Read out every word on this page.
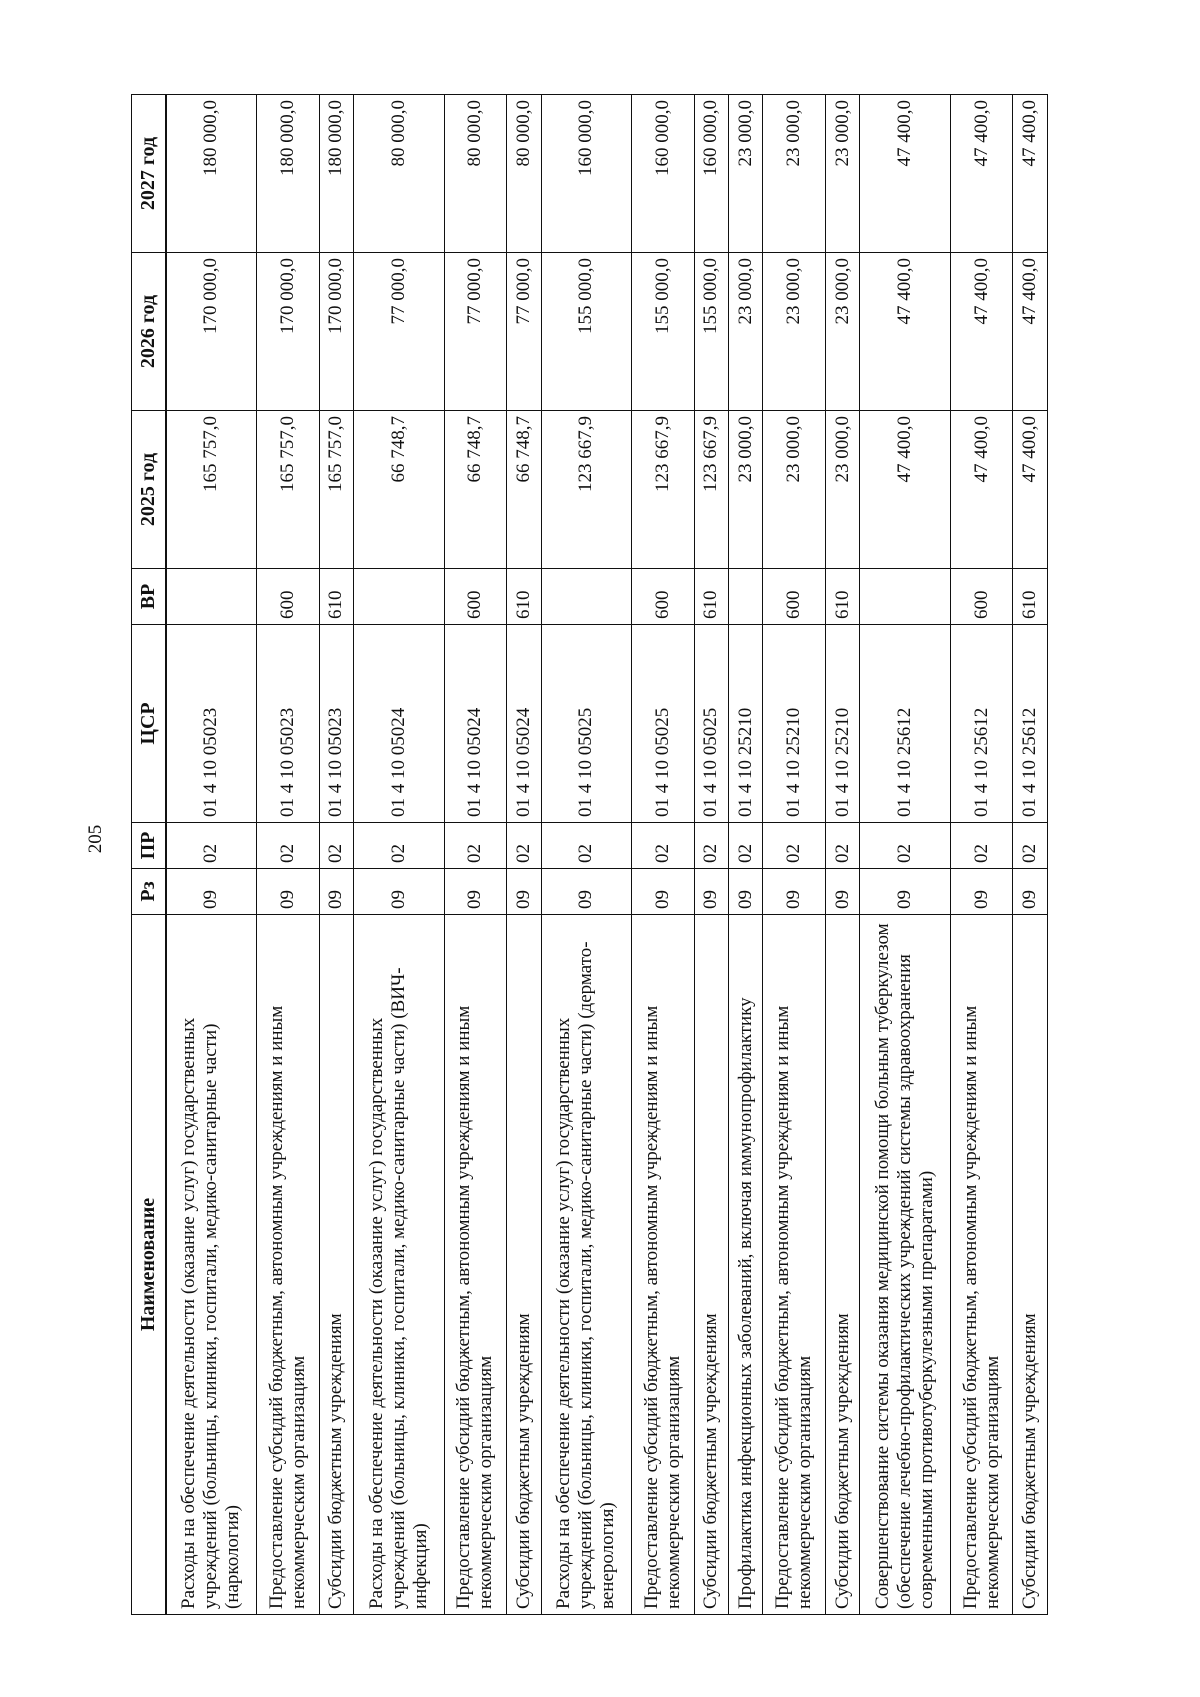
205
Наименование	Рз	ПР	ЦСР	ВР	2025 год	2026 год	2027 год
Расходы на обеспечение деятельности (оказание услуг) государственных учреждений (больницы, клиники, госпитали, медико-санитарные части) (наркология)	09	02	01 4 10 05023		165 757,0	170 000,0	180 000,0
Предоставление субсидий бюджетным, автономным учреждениям и иным некоммерческим организациям	09	02	01 4 10 05023	600	165 757,0	170 000,0	180 000,0
Субсидии бюджетным учреждениям	09	02	01 4 10 05023	610	165 757,0	170 000,0	180 000,0
Расходы на обеспечение деятельности (оказание услуг) государственных учреждений (больницы, клиники, госпитали, медико-санитарные части) (ВИЧ-инфекция)	09	02	01 4 10 05024		66 748,7	77 000,0	80 000,0
Предоставление субсидий бюджетным, автономным учреждениям и иным некоммерческим организациям	09	02	01 4 10 05024	600	66 748,7	77 000,0	80 000,0
Субсидии бюджетным учреждениям	09	02	01 4 10 05024	610	66 748,7	77 000,0	80 000,0
Расходы на обеспечение деятельности (оказание услуг) государственных учреждений (больницы, клиники, госпитали, медико-санитарные части) (дермато-венерология)	09	02	01 4 10 05025		123 667,9	155 000,0	160 000,0
Предоставление субсидий бюджетным, автономным учреждениям и иным некоммерческим организациям	09	02	01 4 10 05025	600	123 667,9	155 000,0	160 000,0
Субсидии бюджетным учреждениям	09	02	01 4 10 05025	610	123 667,9	155 000,0	160 000,0
Профилактика инфекционных заболеваний, включая иммунопрофилактику	09	02	01 4 10 25210		23 000,0	23 000,0	23 000,0
Предоставление субсидий бюджетным, автономным учреждениям и иным некоммерческим организациям	09	02	01 4 10 25210	600	23 000,0	23 000,0	23 000,0
Субсидии бюджетным учреждениям	09	02	01 4 10 25210	610	23 000,0	23 000,0	23 000,0
Совершенствование системы оказания медицинской помощи больным туберкулезом (обеспечение лечебно-профилактических учреждений системы здравоохранения современными противотуберкулезными препаратами)	09	02	01 4 10 25612		47 400,0	47 400,0	47 400,0
Предоставление субсидий бюджетным, автономным учреждениям и иным некоммерческим организациям	09	02	01 4 10 25612	600	47 400,0	47 400,0	47 400,0
Субсидии бюджетным учреждениям	09	02	01 4 10 25612	610	47 400,0	47 400,0	47 400,0
